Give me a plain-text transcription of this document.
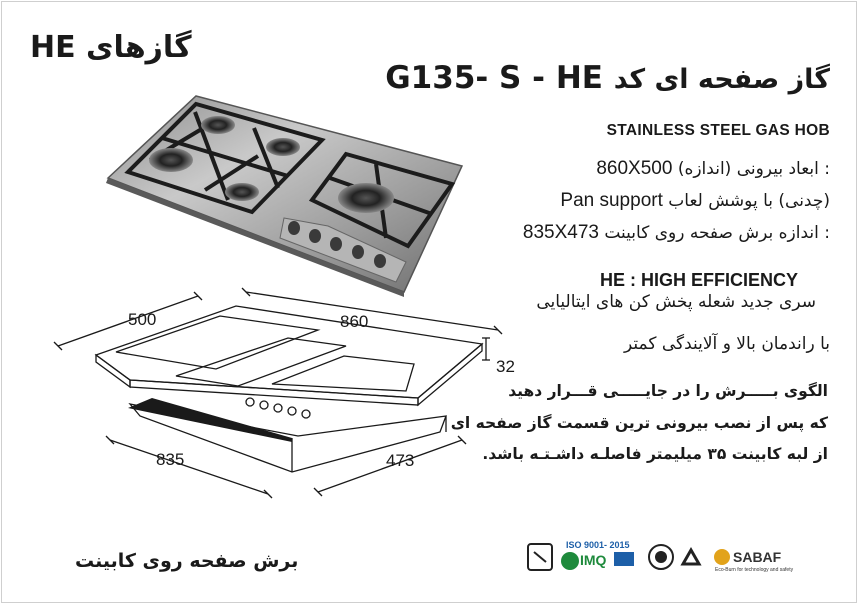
گازهای HE
G135- S - HE گاز صفحه ای کد
STAINLESS STEEL GAS HOB
860X500 : ابعاد بیرونی (اندازه)
Pan support (چدنی) با پوشش لعاب
835X473 : اندازه برش صفحه روی کابینت
HE : HIGH EFFICIENCY
سری جدید شعله پخش کن های ایتالیایی
با راندمان بالا و آلایندگی کمتر
الگوی بـــــرش را در جایـــــی قـــرار دهید
که پس از نصب بیرونی ترین قسمت گاز صفحه ای
از لبه کابینت ۳۵ میلیمتر فاصلـه داشـتـه باشد.
500	860
32
835	473
برش صفحه روی کابینت
ISO 9001- 2015
IMQ	SABAF
Eco-Burn for technology and safety
